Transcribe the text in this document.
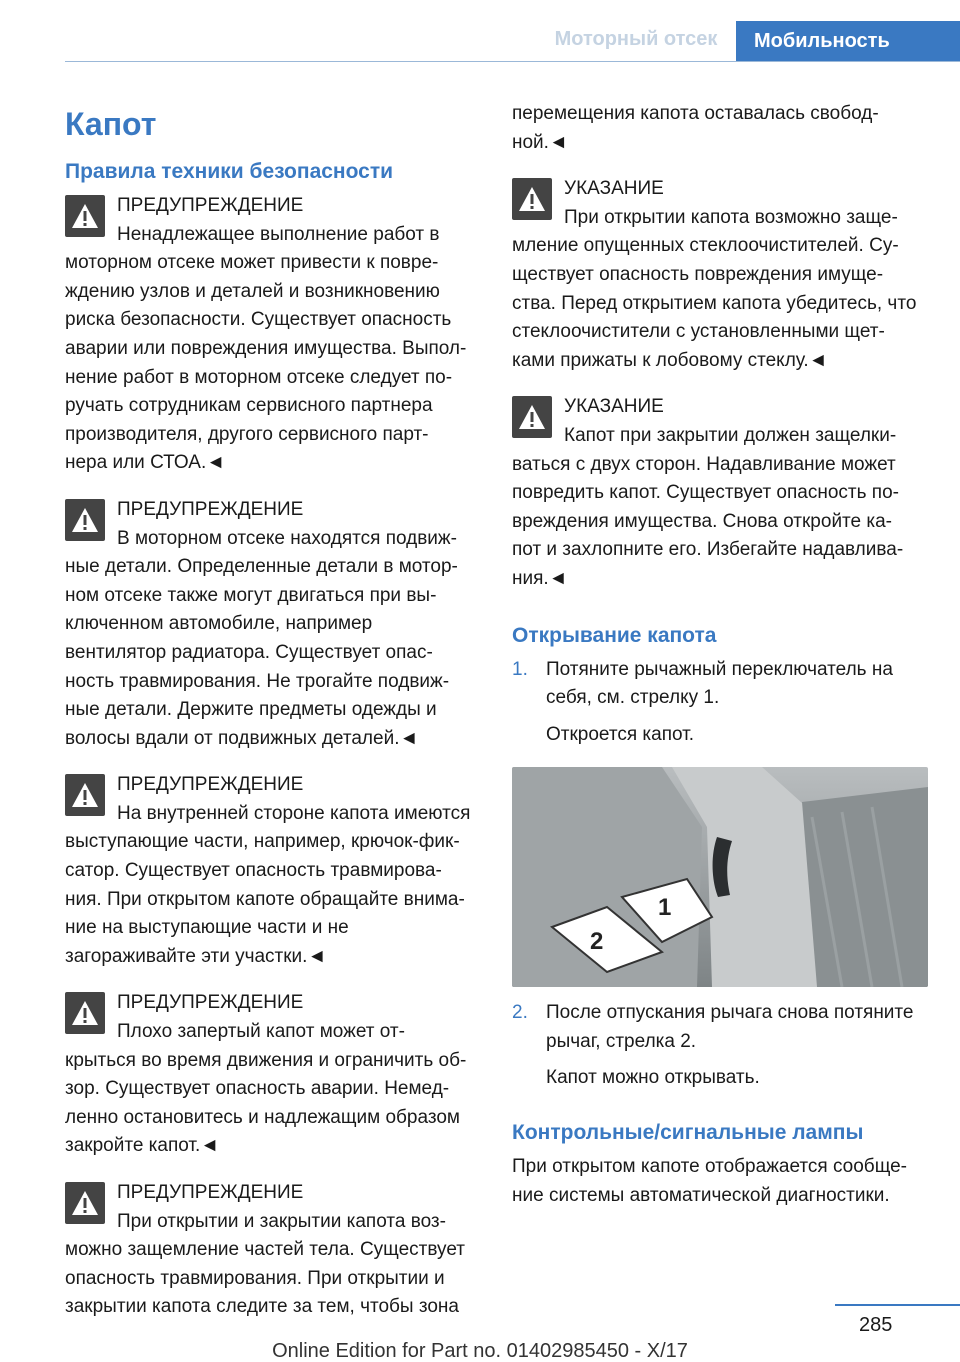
Моторный отсек	Мобильность
Капот
Правила техники безопасности
ПРЕДУПРЕЖДЕНИЕ
Ненадлежащее выполнение работ в
моторном отсеке может привести к повре-
ждению узлов и деталей и возникновению
риска безопасности. Существует опасность
аварии или повреждения имущества. Выпол-
нение работ в моторном отсеке следует по-
ручать сотрудникам сервисного партнера
производителя, другого сервисного парт-
нера или СТОА.◄
ПРЕДУПРЕЖДЕНИЕ
В моторном отсеке находятся подвиж-
ные детали. Определенные детали в мотор-
ном отсеке также могут двигаться при вы-
ключенном автомобиле, например
вентилятор радиатора. Существует опас-
ность травмирования. Не трогайте подвиж-
ные детали. Держите предметы одежды и
волосы вдали от подвижных деталей.◄
ПРЕДУПРЕЖДЕНИЕ
На внутренней стороне капота имеются
выступающие части, например, крючок-фик-
сатор. Существует опасность травмирова-
ния. При открытом капоте обращайте внима-
ние на выступающие части и не
загораживайте эти участки.◄
ПРЕДУПРЕЖДЕНИЕ
Плохо запертый капот может от-
крыться во время движения и ограничить об-
зор. Существует опасность аварии. Немед-
ленно остановитесь и надлежащим образом
закройте капот.◄
ПРЕДУПРЕЖДЕНИЕ
При открытии и закрытии капота воз-
можно защемление частей тела. Существует
опасность травмирования. При открытии и
закрытии капота следите за тем, чтобы зона
перемещения капота оставалась свобод-
ной.◄
УКАЗАНИЕ
При открытии капота возможно заще-
мление опущенных стеклоочистителей. Су-
ществует опасность повреждения имуще-
ства. Перед открытием капота убедитесь, что
стеклоочистители с установленными щет-
ками прижаты к лобовому стеклу.◄
УКАЗАНИЕ
Капот при закрытии должен защелки-
ваться с двух сторон. Надавливание может
повредить капот. Существует опасность по-
вреждения имущества. Снова откройте ка-
пот и захлопните его. Избегайте надавлива-
ния.◄
Открывание капота
1. Потяните рычажный переключатель на
себя, см. стрелку 1.
Откроется капот.
2
1
2. После отпускания рычага снова потяните
рычаг, стрелка 2.
Капот можно открывать.
Контрольные/сигнальные лампы
При открытом капоте отображается сообще-
ние системы автоматической диагностики.
285
Online Edition for Part no. 01402985450 - X/17
